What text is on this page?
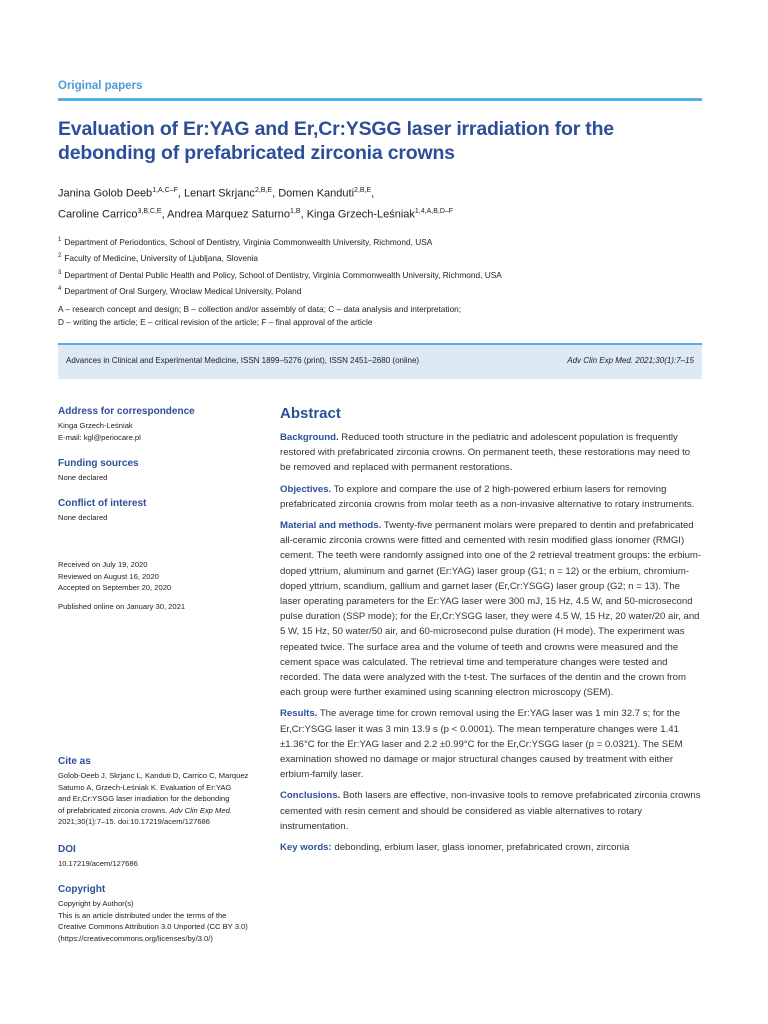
Original papers
Evaluation of Er:YAG and Er,Cr:YSGG laser irradiation for the debonding of prefabricated zirconia crowns
Janina Golob Deeb$^{1,A,C-F}$, Lenart Skrjanc$^{2,B,E}$, Domen Kanduti$^{2,B,E}$,
Caroline Carrico$^{3,B,C,E}$, Andrea Marquez Saturno$^{1,B}$, Kinga Grzech-Leśniak$^{1,4,A,B,D-F}$
$^1$ Department of Periodontics, School of Dentistry, Virginia Commonwealth University, Richmond, USA
$^2$ Faculty of Medicine, University of Ljubljana, Slovenia
$^3$ Department of Dental Public Health and Policy, School of Dentistry, Virginia Commonwealth University, Richmond, USA
$^4$ Department of Oral Surgery, Wroclaw Medical University, Poland
A – research concept and design; B – collection and/or assembly of data; C – data analysis and interpretation;
D – writing the article; E – critical revision of the article; F – final approval of the article
Advances in Clinical and Experimental Medicine, ISSN 1899–5276 (print), ISSN 2451–2680 (online)	Adv Clin Exp Med. 2021;30(1):7–15
Address for correspondence

Kinga Grzech-Leśniak

E-mail: kgl@periocare.pl

Funding sources

None declared

Conflict of interest

None declared

Received on July 19, 2020

Reviewed on August 16, 2020

Accepted on September 20, 2020

Published online on January 30, 2021

Cite as

Golob-Deeb J, Skrjanc L, Kanduti D, Carrico C, Marquez

Saturno A, Grzech-Leśniak K. Evaluation of Er:YAG

and Er,Cr:YSGG laser irradiation for the debonding

of prefabricated zirconia crowns. Adv Clin Exp Med.

2021;30(1):7–15. doi:10.17219/acem/127686

DOI

10.17219/acem/127686

Copyright

Copyright by Author(s)

This is an article distributed under the terms of the

Creative Commons Attribution 3.0 Unported (CC BY 3.0)

(https://creativecommons.org/licenses/by/3.0/)

Abstract

Background. Reduced tooth structure in the pediatric and adolescent population is frequently restored with prefabricated zirconia crowns. On permanent teeth, these restorations may need to be removed and replaced with permanent restorations.

Objectives. To explore and compare the use of 2 high-powered erbium lasers for removing prefabricated zirconia crowns from molar teeth as a non-invasive alternative to rotary instruments.

Material and methods. Twenty-five permanent molars were prepared to dentin and prefabricated all-ceramic zirconia crowns were fitted and cemented with resin modified glass ionomer (RMGI) cement. The teeth were randomly assigned into one of the 2 retrieval treatment groups: the erbium-doped yttrium, aluminum and garnet (Er:YAG) laser group (G1; n = 12) or the erbium, chromium-doped yttrium, scandium, gallium and garnet laser (Er,Cr:YSGG) laser group (G2; n = 13). The laser operating parameters for the Er:YAG laser were 300 mJ, 15 Hz, 4.5 W, and 50-microsecond pulse duration (SSP mode); for the Er,Cr:YSGG laser, they were 4.5 W, 15 Hz, 20 water/20 air, and 5 W, 15 Hz, 50 water/50 air, and 60-microsecond pulse duration (H mode). The experiment was repeated twice. The surface area and the volume of teeth and crowns were measured and the cement space was calculated. The retrieval time and temperature changes were tested and recorded. The data were analyzed with the t-test. The surfaces of the dentin and the crown from each group were further examined using scanning electron microscopy (SEM).

Results. The average time for crown removal using the Er:YAG laser was 1 min 32.7 s; for the Er,Cr:YSGG laser it was 3 min 13.9 s (p < 0.0001). The mean temperature changes were 1.41 ±1.36°C for the Er:YAG laser and 2.2 ±0.99°C for the Er,Cr:YSGG laser (p = 0.0321). The SEM examination showed no damage or major structural changes caused by treatment with either erbium-family laser.

Conclusions. Both lasers are effective, non-invasive tools to remove prefabricated zirconia crowns cemented with resin cement and should be considered as viable alternatives to rotary instrumentation.

Key words: debonding, erbium laser, glass ionomer, prefabricated crown, zirconia
